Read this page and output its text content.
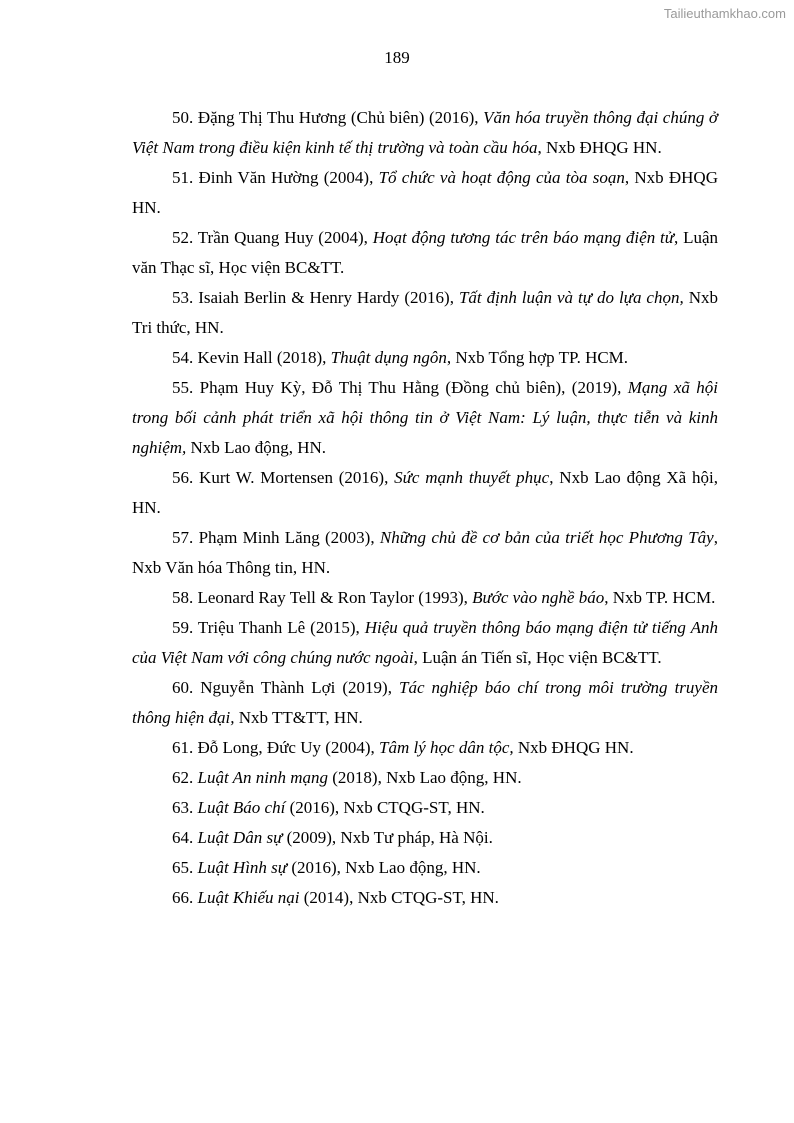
Tailieuthamkhao.com
189

50. Đặng Thị Thu Hương (Chủ biên) (2016), Văn hóa truyền thông đại chúng ở Việt Nam trong điều kiện kinh tế thị trường và toàn cầu hóa, Nxb ĐHQG HN.

51. Đinh Văn Hường (2004), Tổ chức và hoạt động của tòa soạn, Nxb ĐHQG HN.

52. Trần Quang Huy (2004), Hoạt động tương tác trên báo mạng điện tử, Luận văn Thạc sĩ, Học viện BC&TT.

53. Isaiah Berlin & Henry Hardy (2016), Tất định luận và tự do lựa chọn, Nxb Tri thức, HN.

54. Kevin Hall (2018), Thuật dụng ngôn, Nxb Tổng hợp TP. HCM.

55. Phạm Huy Kỳ, Đỗ Thị Thu Hằng (Đồng chủ biên), (2019), Mạng xã hội trong bối cảnh phát triển xã hội thông tin ở Việt Nam: Lý luận, thực tiễn và kinh nghiệm, Nxb Lao động, HN.

56. Kurt W. Mortensen (2016), Sức mạnh thuyết phục, Nxb Lao động Xã hội, HN.

57. Phạm Minh Lăng (2003), Những chủ đề cơ bản của triết học Phương Tây, Nxb Văn hóa Thông tin, HN.

58. Leonard Ray Tell & Ron Taylor (1993), Bước vào nghề báo, Nxb TP. HCM.

59. Triệu Thanh Lê (2015), Hiệu quả truyền thông báo mạng điện tử tiếng Anh của Việt Nam với công chúng nước ngoài, Luận án Tiến sĩ, Học viện BC&TT.

60. Nguyễn Thành Lợi (2019), Tác nghiệp báo chí trong môi trường truyền thông hiện đại, Nxb TT&TT, HN.

61. Đỗ Long, Đức Uy (2004), Tâm lý học dân tộc, Nxb ĐHQG HN.

62. Luật An ninh mạng (2018), Nxb Lao động, HN.

63. Luật Báo chí (2016), Nxb CTQG-ST, HN.

64. Luật Dân sự (2009), Nxb Tư pháp, Hà Nội.

65. Luật Hình sự (2016), Nxb Lao động, HN.

66. Luật Khiếu nại (2014), Nxb CTQG-ST, HN.
